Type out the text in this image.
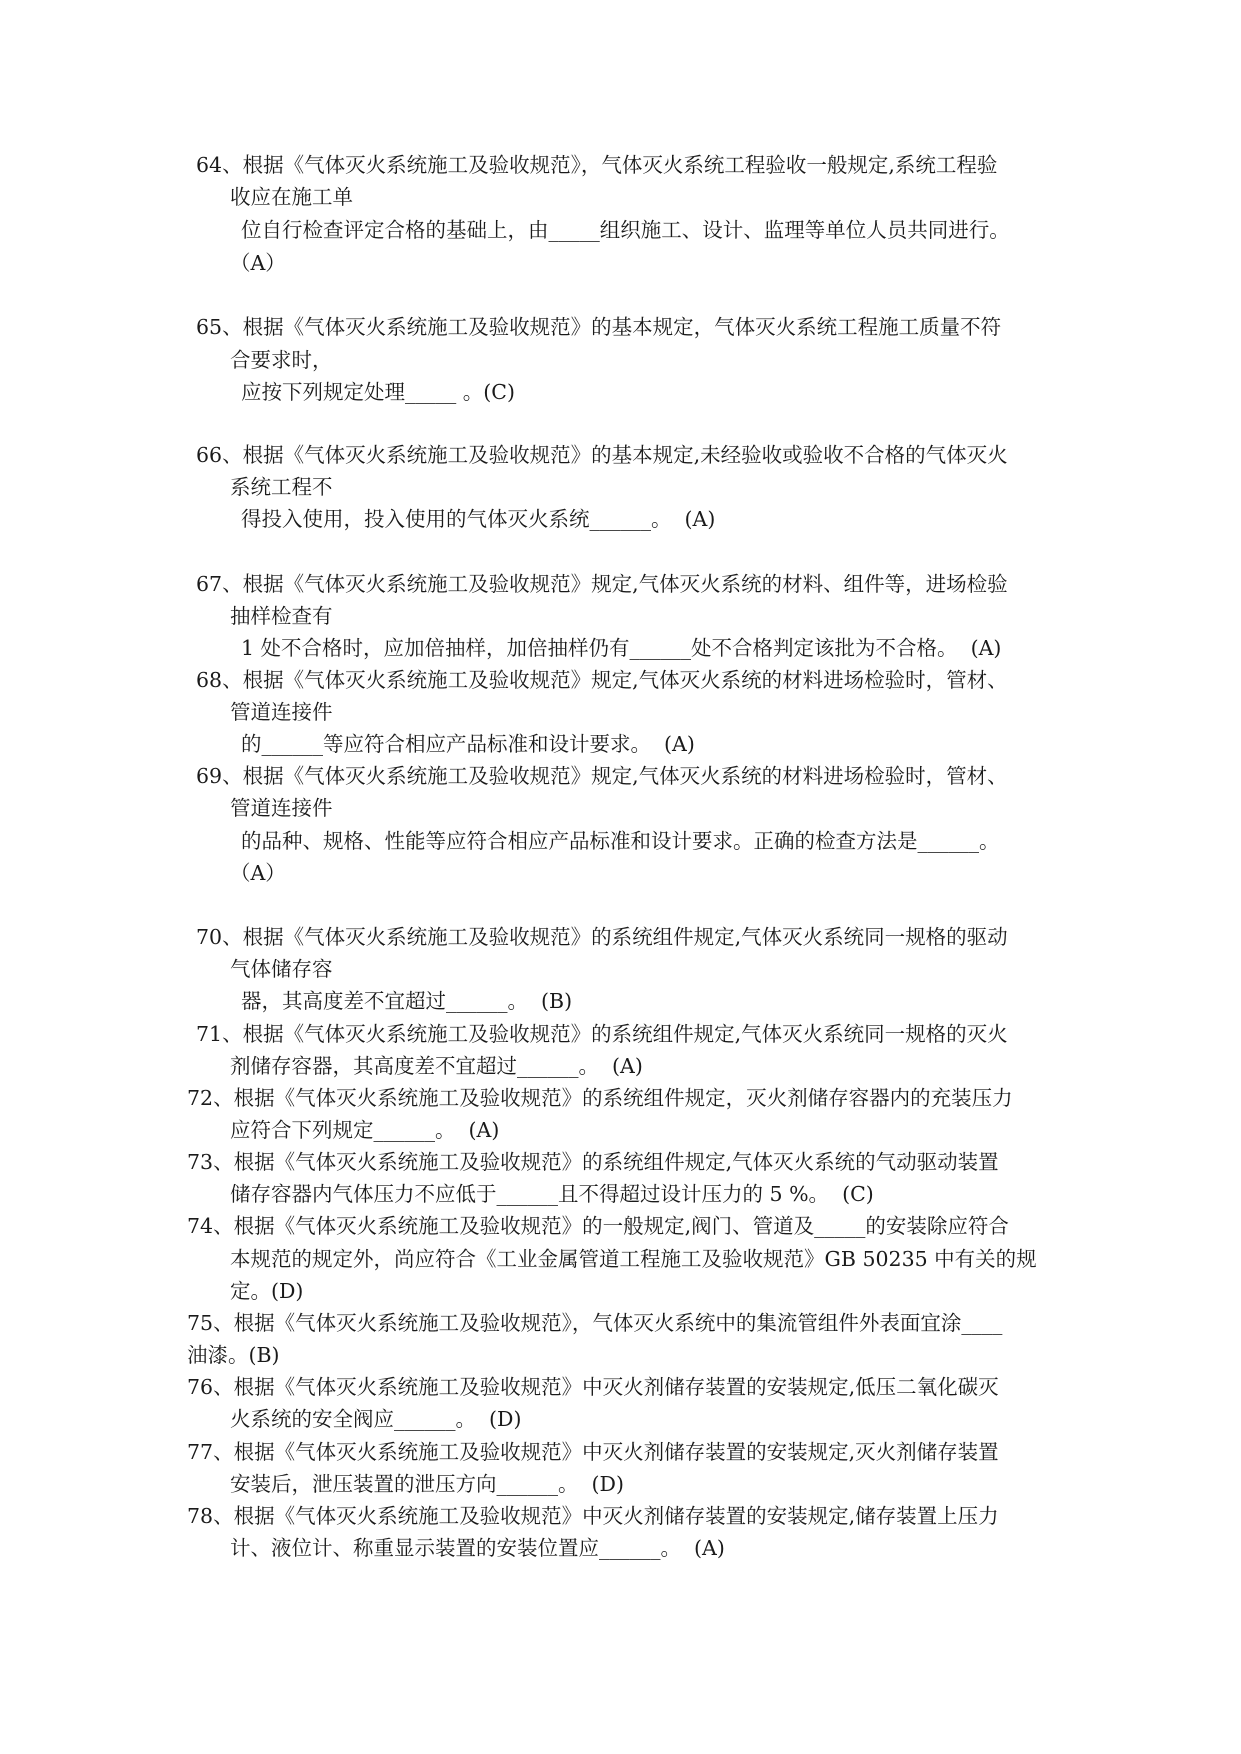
64、根据《气体灭火系统施工及验收规范》，气体灭火系统工程验收一般规定,系统工程验
收应在施工单
位自行检查评定合格的基础上，由_____组织施工、设计、监理等单位人员共同进行。
（A）
65、根据《气体灭火系统施工及验收规范》的基本规定，气体灭火系统工程施工质量不符
合要求时，
应按下列规定处理_____ 。(C)
66、根据《气体灭火系统施工及验收规范》的基本规定,未经验收或验收不合格的气体灭火
系统工程不
得投入使用，投入使用的气体灭火系统______。  (A)
67、根据《气体灭火系统施工及验收规范》规定,气体灭火系统的材料、组件等，进场检验
抽样检查有
1 处不合格时，应加倍抽样，加倍抽样仍有______处不合格判定该批为不合格。  (A)
68、根据《气体灭火系统施工及验收规范》规定,气体灭火系统的材料进场检验时，管材、
管道连接件
的______等应符合相应产品标准和设计要求。  (A)
69、根据《气体灭火系统施工及验收规范》规定,气体灭火系统的材料进场检验时，管材、
管道连接件
的品种、规格、性能等应符合相应产品标准和设计要求。正确的检查方法是______。
（A）
70、根据《气体灭火系统施工及验收规范》的系统组件规定,气体灭火系统同一规格的驱动
气体储存容
器，其高度差不宜超过______。  (B)
71、根据《气体灭火系统施工及验收规范》的系统组件规定,气体灭火系统同一规格的灭火
剂储存容器，其高度差不宜超过______。  (A)
72、根据《气体灭火系统施工及验收规范》的系统组件规定，灭火剂储存容器内的充装压力
应符合下列规定______。  (A)
73、根据《气体灭火系统施工及验收规范》的系统组件规定,气体灭火系统的气动驱动装置
储存容器内气体压力不应低于______且不得超过设计压力的 5 %。  (C)
74、根据《气体灭火系统施工及验收规范》的一般规定,阀门、管道及_____的安装除应符合
本规范的规定外，尚应符合《工业金属管道工程施工及验收规范》GB 50235 中有关的规
定。(D)
75、根据《气体灭火系统施工及验收规范》，气体灭火系统中的集流管组件外表面宜涂____
油漆。(B)
76、根据《气体灭火系统施工及验收规范》中灭火剂储存装置的安装规定,低压二氧化碳灭
火系统的安全阀应______。  (D)
77、根据《气体灭火系统施工及验收规范》中灭火剂储存装置的安装规定,灭火剂储存装置
安装后，泄压装置的泄压方向______。  (D)
78、根据《气体灭火系统施工及验收规范》中灭火剂储存装置的安装规定,储存装置上压力
计、液位计、称重显示装置的安装位置应______。  (A)
